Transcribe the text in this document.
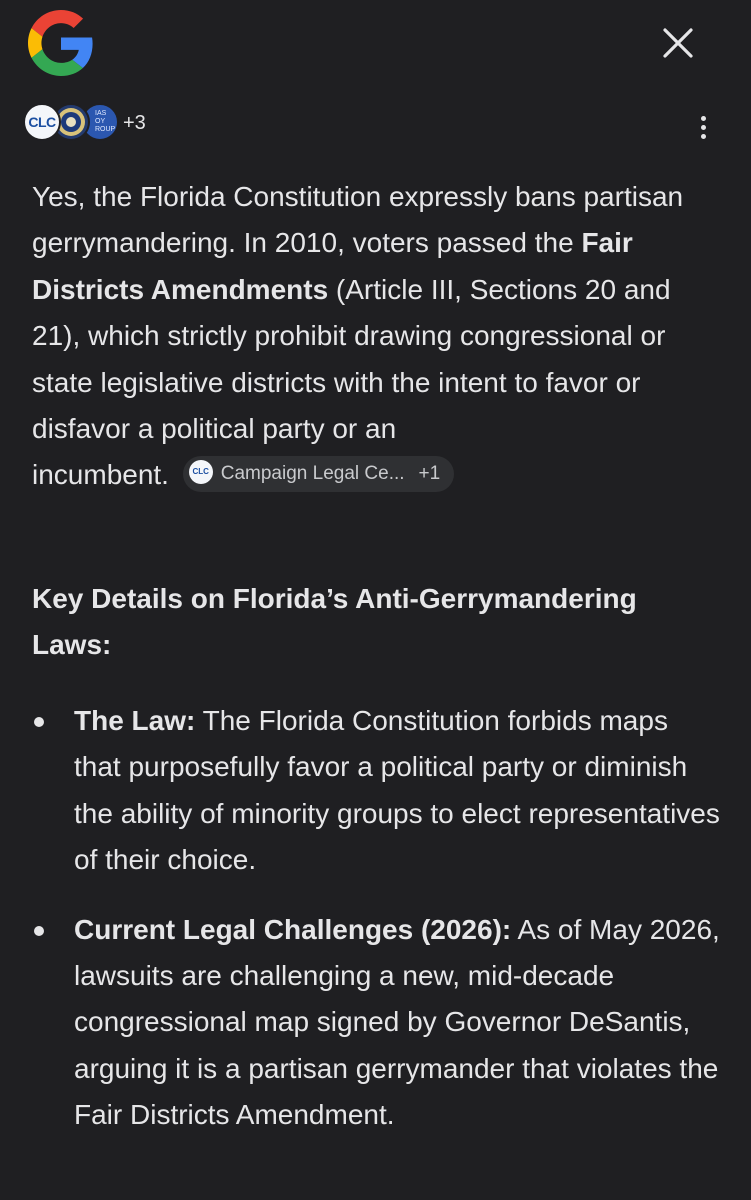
IAS
OY
ROUP
CLC	+3
Yes, the Florida Constitution expressly bans partisan gerrymandering. In 2010, voters passed the Fair Districts Amendments (Article III, Sections 20 and 21), which strictly prohibit drawing congressional or state legislative districts with the intent to favor or disfavor a political party or an
incumbent.	CLC Campaign Legal Ce... +1
Key Details on Florida’s Anti-Gerrymandering Laws:
The Law: The Florida Constitution forbids maps that purposefully favor a political party or diminish the ability of minority groups to elect representatives of their choice.
Current Legal Challenges (2026): As of May 2026, lawsuits are challenging a new, mid-decade congressional map signed by Governor DeSantis, arguing it is a partisan gerrymander that violates the Fair Districts Amendment.
